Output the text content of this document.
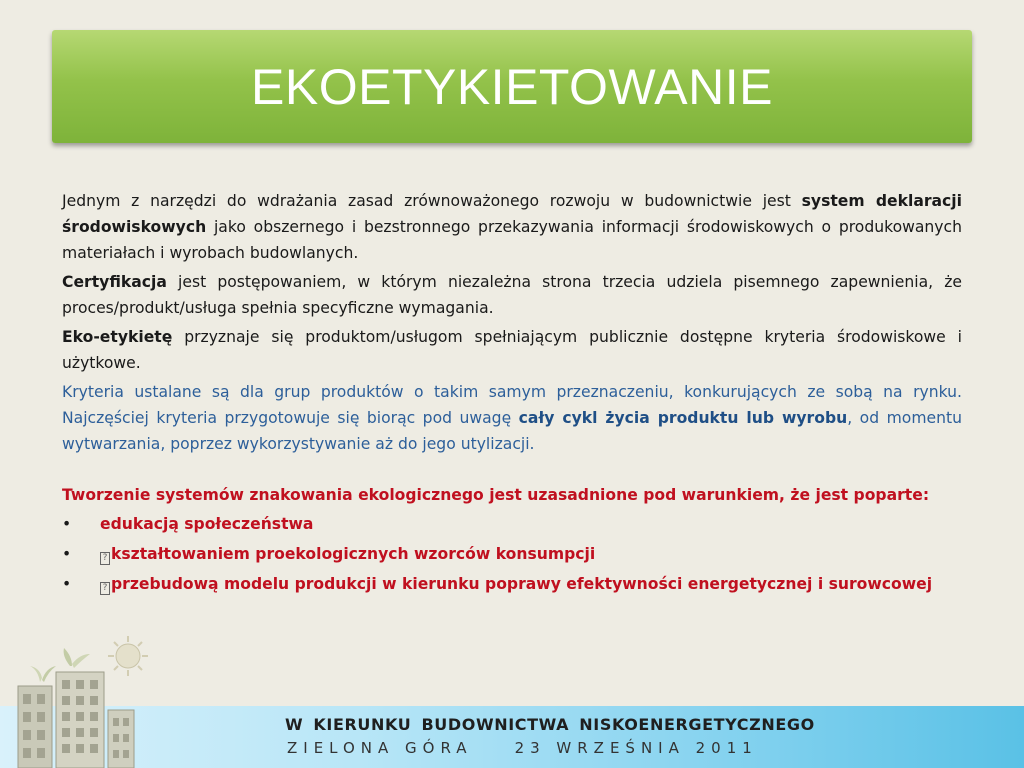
EKOETYKIETOWANIE

Jednym z narzędzi do wdrażania zasad zrównoważonego rozwoju w budownictwie jest system deklaracji środowiskowych jako obszernego i bezstronnego przekazywania informacji środowiskowych o produkowanych materiałach i wyrobach budowlanych.

Certyfikacja jest postępowaniem, w którym niezależna strona trzecia udziela pisemnego zapewnienia, że proces/produkt/usługa spełnia specyficzne wymagania.

Eko-etykietę przyznaje się produktom/usługom spełniającym publicznie dostępne kryteria środowiskowe i użytkowe.

Kryteria ustalane są dla grup produktów o takim samym przeznaczeniu, konkurujących ze sobą na rynku. Najczęściej kryteria przygotowuje się biorąc pod uwagę cały cykl życia produktu lub wyrobu, od momentu wytwarzania, poprzez wykorzystywanie aż do jego utylizacji.

Tworzenie systemów znakowania ekologicznego jest uzasadnione pod warunkiem, że jest poparte:

• edukacją społeczeństwa
•	? kształtowaniem proekologicznych wzorców konsumpcji
•	? przebudową modelu produkcji w kierunku poprawy efektywności energetycznej i surowcowej
W KIERUNKU BUDOWNICTWA NISKOENERGETYCZNEGO
ZIELONA GÓRA	23 WRZEŚNIA 2011
